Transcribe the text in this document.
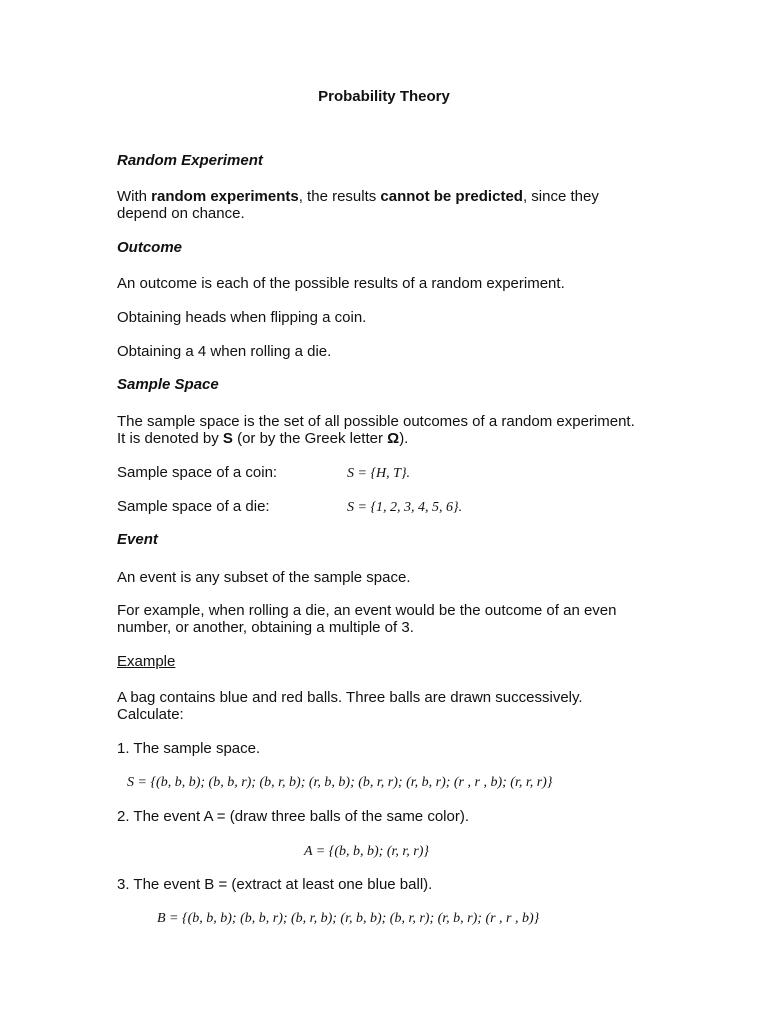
Probability Theory
Random Experiment
With random experiments, the results cannot be predicted, since they
depend on chance.
Outcome
An outcome is each of the possible results of a random experiment.
Obtaining heads when flipping a coin.
Obtaining a 4 when rolling a die.
Sample Space
The sample space is the set of all possible outcomes of a random experiment.
It is denoted by S (or by the Greek letter Ω).
Sample space of a coin:	S = {H, T}.
Sample space of a die:	S = {1, 2, 3, 4, 5, 6}.
Event
An event is any subset of the sample space.
For example, when rolling a die, an event would be the outcome of an even
number, or another, obtaining a multiple of 3.
Example
A bag contains blue and red balls. Three balls are drawn successively.
Calculate:
1. The sample space.
S = {(b, b, b); (b, b, r); (b, r, b); (r, b, b); (b, r, r); (r, b, r); (r , r , b); (r, r, r)}
2. The event A = (draw three balls of the same color).
A = {(b, b, b); (r, r, r)}
3. The event B = (extract at least one blue ball).
B = {(b, b, b); (b, b, r); (b, r, b); (r, b, b); (b, r, r); (r, b, r); (r , r , b)}
